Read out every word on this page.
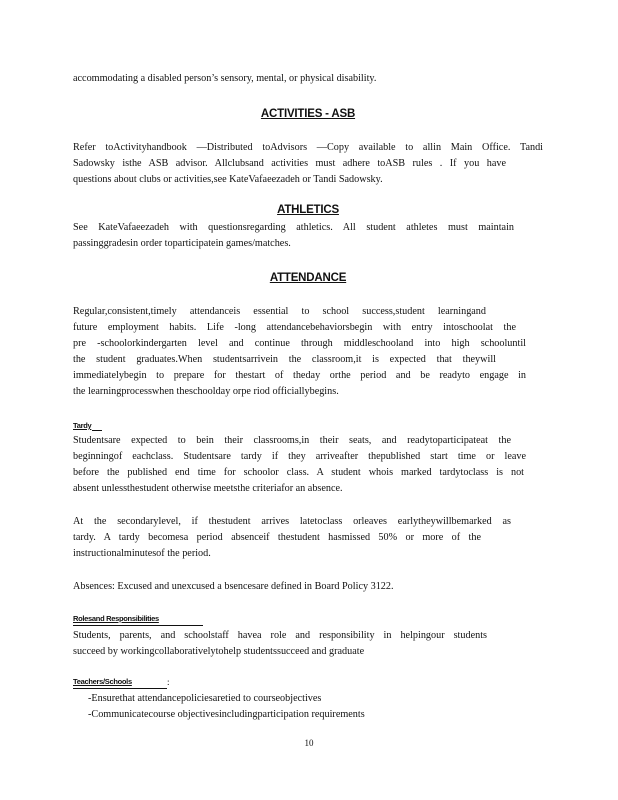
accommodating a disabled person’s sensory, mental, or physical disability.
ACTIVITIES - ASB
Refer toActivityhandbook —Distributed toAdvisors —Copy available to allin Main Office. Tandi
Sadowsky isthe ASB advisor. Allclubsand activities must adhere toASB rules . If you have
questions about clubs or activities,see KateVafaeezadeh or Tandi Sadowsky.
ATHLETICS
See KateVafaeezadeh with questionsregarding athletics. All student athletes must maintain
passinggradesin order toparticipatein games/matches.
ATTENDANCE
Regular,consistent,timely attendanceis essential to school success,student learningand
future employment habits. Life -long attendancebehaviorsbegin with entry intoschoolat the
pre -schoolorkindergarten level and continue through middleschooland into high schooluntil
the student graduates.When studentsarrivein the classroom,it is expected that theywill
immediatelybegin to prepare for thestart of theday orthe period and be readyto engage in
the learningprocesswhen theschoolday orpe riod officiallybegins.
Tardy
Studentsare expected to bein their classrooms,in their seats, and readytoparticipateat the
beginningof eachclass. Studentsare tardy if they arriveafter thepublished start time or leave
before the published end time for schoolor class. A student whois marked tardytoclass is not
absent unlessthestudent otherwise meetsthe criteriafor an absence.
At the secondarylevel, if thestudent arrives latetoclass orleaves earlytheywillbemarked as
tardy. A tardy becomesa period absenceif thestudent hasmissed 50% or more of the
instructionalminutesof the period.
Absences: Excused and unexcused a bsencesare defined in Board Policy 3122.
Rolesand Responsibilities
Students, parents, and schoolstaff havea role and responsibility in helpingour students
succeed by workingcollaborativelytohelp studentssucceed and graduate
Teachers/Schools	:
-Ensurethat attendancepoliciesaretied to courseobjectives
-Communicatecourse objectivesincludingparticipation requirements
10
